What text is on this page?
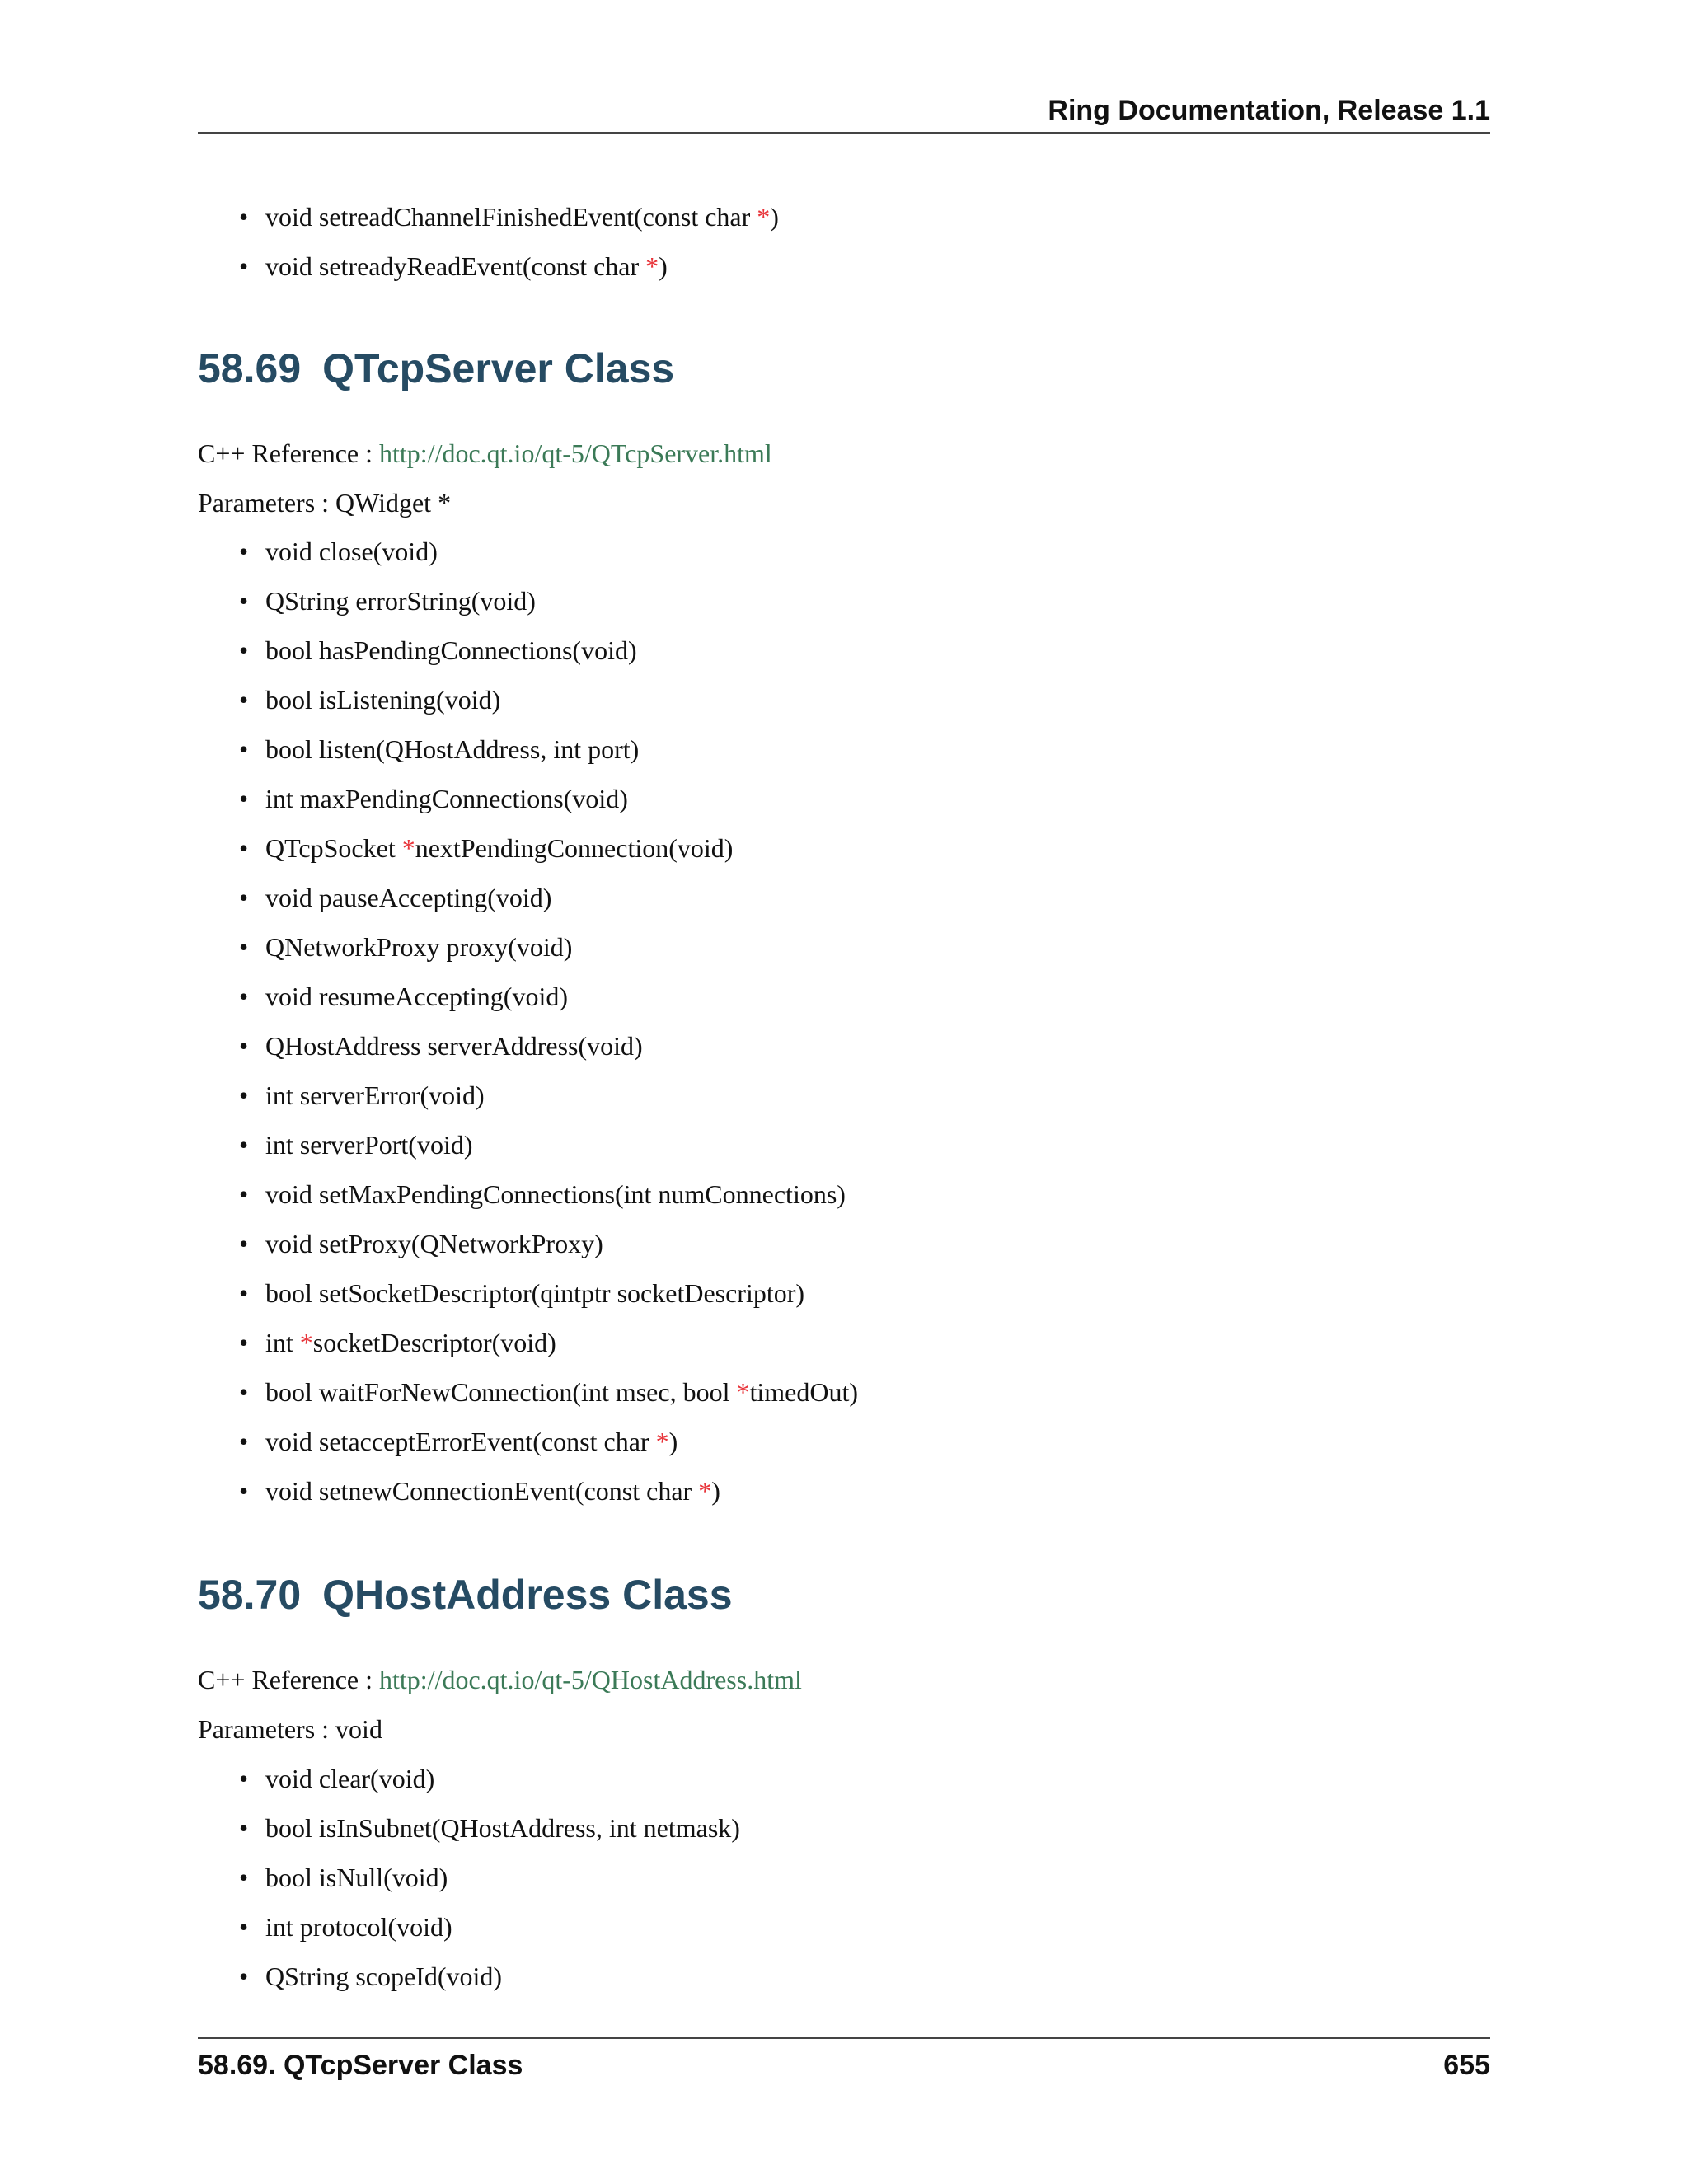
Ring Documentation, Release 1.1
• void setreadChannelFinishedEvent(const char *)
• void setreadyReadEvent(const char *)
58.69 QTcpServer Class
C++ Reference : http://doc.qt.io/qt-5/QTcpServer.html
Parameters : QWidget *
• void close(void)
• QString errorString(void)
• bool hasPendingConnections(void)
• bool isListening(void)
• bool listen(QHostAddress, int port)
• int maxPendingConnections(void)
• QTcpSocket *nextPendingConnection(void)
• void pauseAccepting(void)
• QNetworkProxy proxy(void)
• void resumeAccepting(void)
• QHostAddress serverAddress(void)
• int serverError(void)
• int serverPort(void)
• void setMaxPendingConnections(int numConnections)
• void setProxy(QNetworkProxy)
• bool setSocketDescriptor(qintptr socketDescriptor)
• int *socketDescriptor(void)
• bool waitForNewConnection(int msec, bool *timedOut)
• void setacceptErrorEvent(const char *)
• void setnewConnectionEvent(const char *)
58.70 QHostAddress Class
C++ Reference : http://doc.qt.io/qt-5/QHostAddress.html
Parameters : void
• void clear(void)
• bool isInSubnet(QHostAddress, int netmask)
• bool isNull(void)
• int protocol(void)
• QString scopeId(void)
58.69. QTcpServer Class	655
